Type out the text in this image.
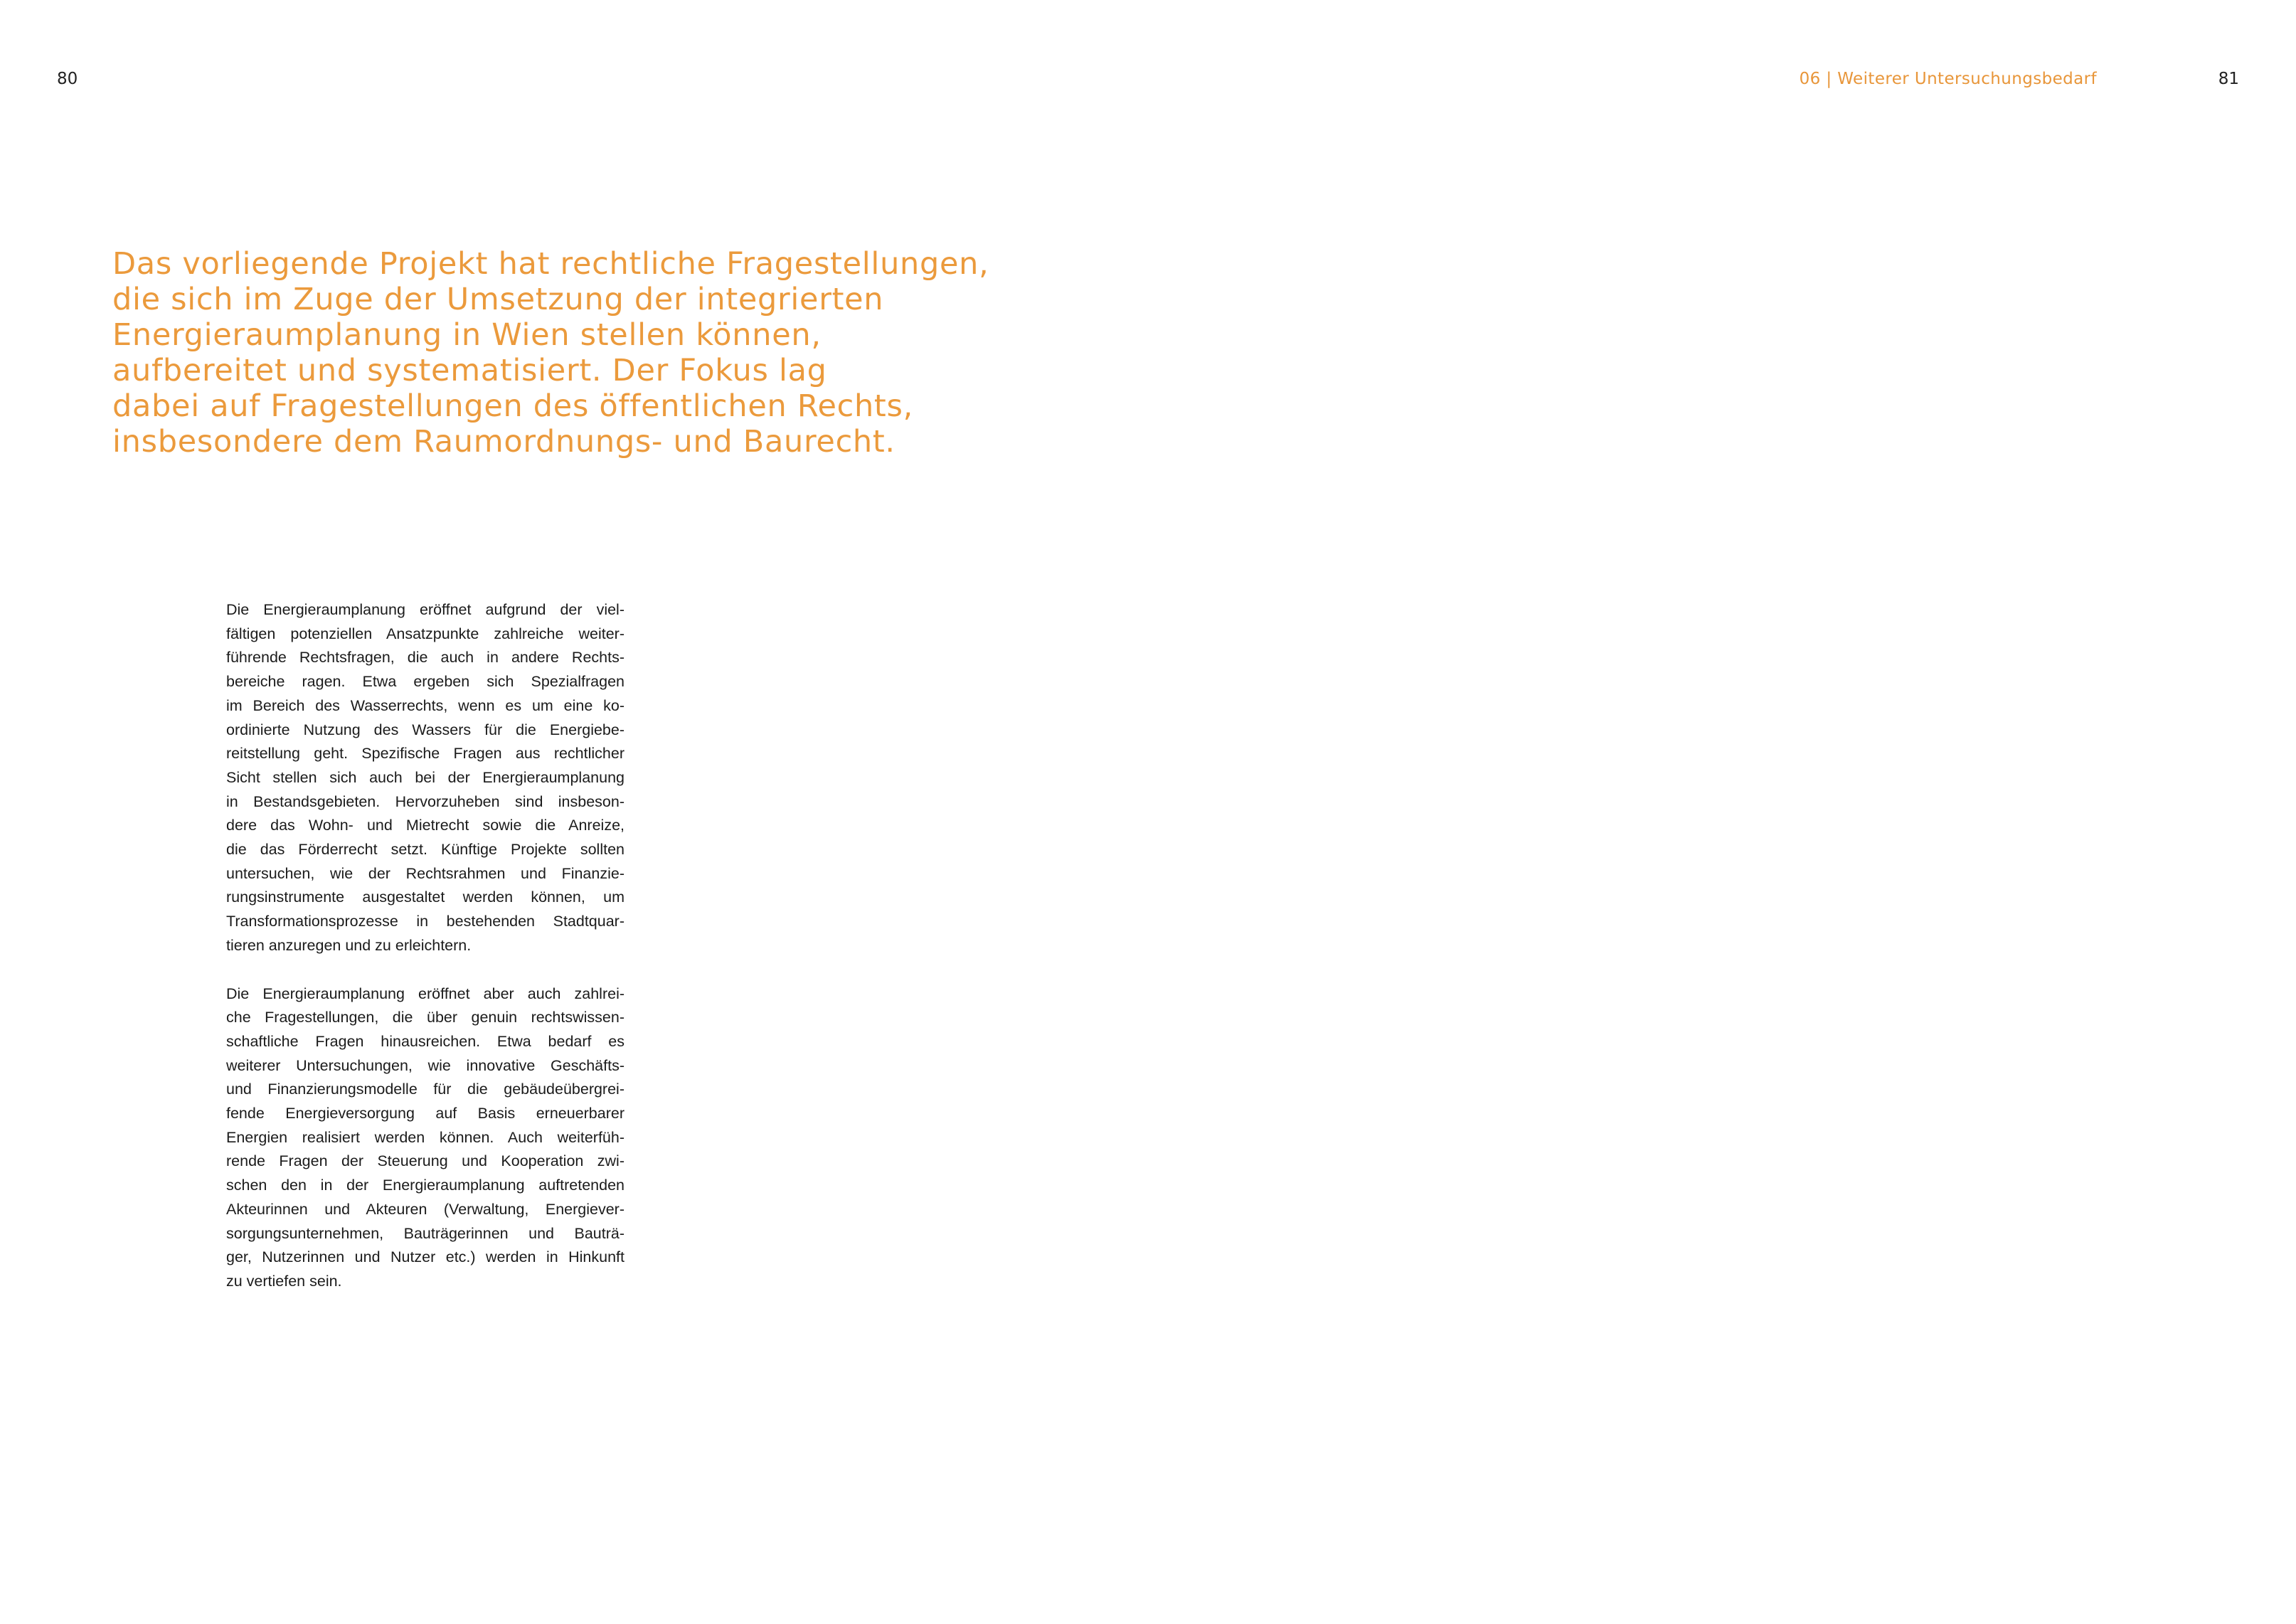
80	06 | Weiterer Untersuchungsbedarf	81
Das vorliegende Projekt hat rechtliche Fragestellungen,
die sich im Zuge der Umsetzung der integrierten
Energieraumplanung in Wien stellen können,
aufbereitet und systematisiert. Der Fokus lag
dabei auf Fragestellungen des öffentlichen Rechts,
insbesondere dem Raumordnungs- und Baurecht.

Die Energieraumplanung eröffnet aufgrund der viel-
fältigen potenziellen Ansatzpunkte zahlreiche weiter-
führende Rechtsfragen, die auch in andere Rechts-
bereiche ragen. Etwa ergeben sich Spezialfragen
im Bereich des Wasserrechts, wenn es um eine ko-
ordinierte Nutzung des Wassers für die Energiebe-
reitstellung geht. Spezifische Fragen aus rechtlicher
Sicht stellen sich auch bei der Energieraumplanung
in Bestandsgebieten. Hervorzuheben sind insbeson-
dere das Wohn- und Mietrecht sowie die Anreize,
die das Förderrecht setzt. Künftige Projekte sollten
untersuchen, wie der Rechtsrahmen und Finanzie-
rungsinstrumente ausgestaltet werden können, um
Transformationsprozesse in bestehenden Stadtquar-
tieren anzuregen und zu erleichtern.

Die Energieraumplanung eröffnet aber auch zahlrei-
che Fragestellungen, die über genuin rechtswissen-
schaftliche Fragen hinausreichen. Etwa bedarf es
weiterer Untersuchungen, wie innovative Geschäfts-
und Finanzierungsmodelle für die gebäudeübergrei-
fende Energieversorgung auf Basis erneuerbarer
Energien realisiert werden können. Auch weiterfüh-
rende Fragen der Steuerung und Kooperation zwi-
schen den in der Energieraumplanung auftretenden
Akteurinnen und Akteuren (Verwaltung, Energiever-
sorgungsunternehmen, Bauträgerinnen und Bauträ-
ger, Nutzerinnen und Nutzer etc.) werden in Hinkunft
zu vertiefen sein.
